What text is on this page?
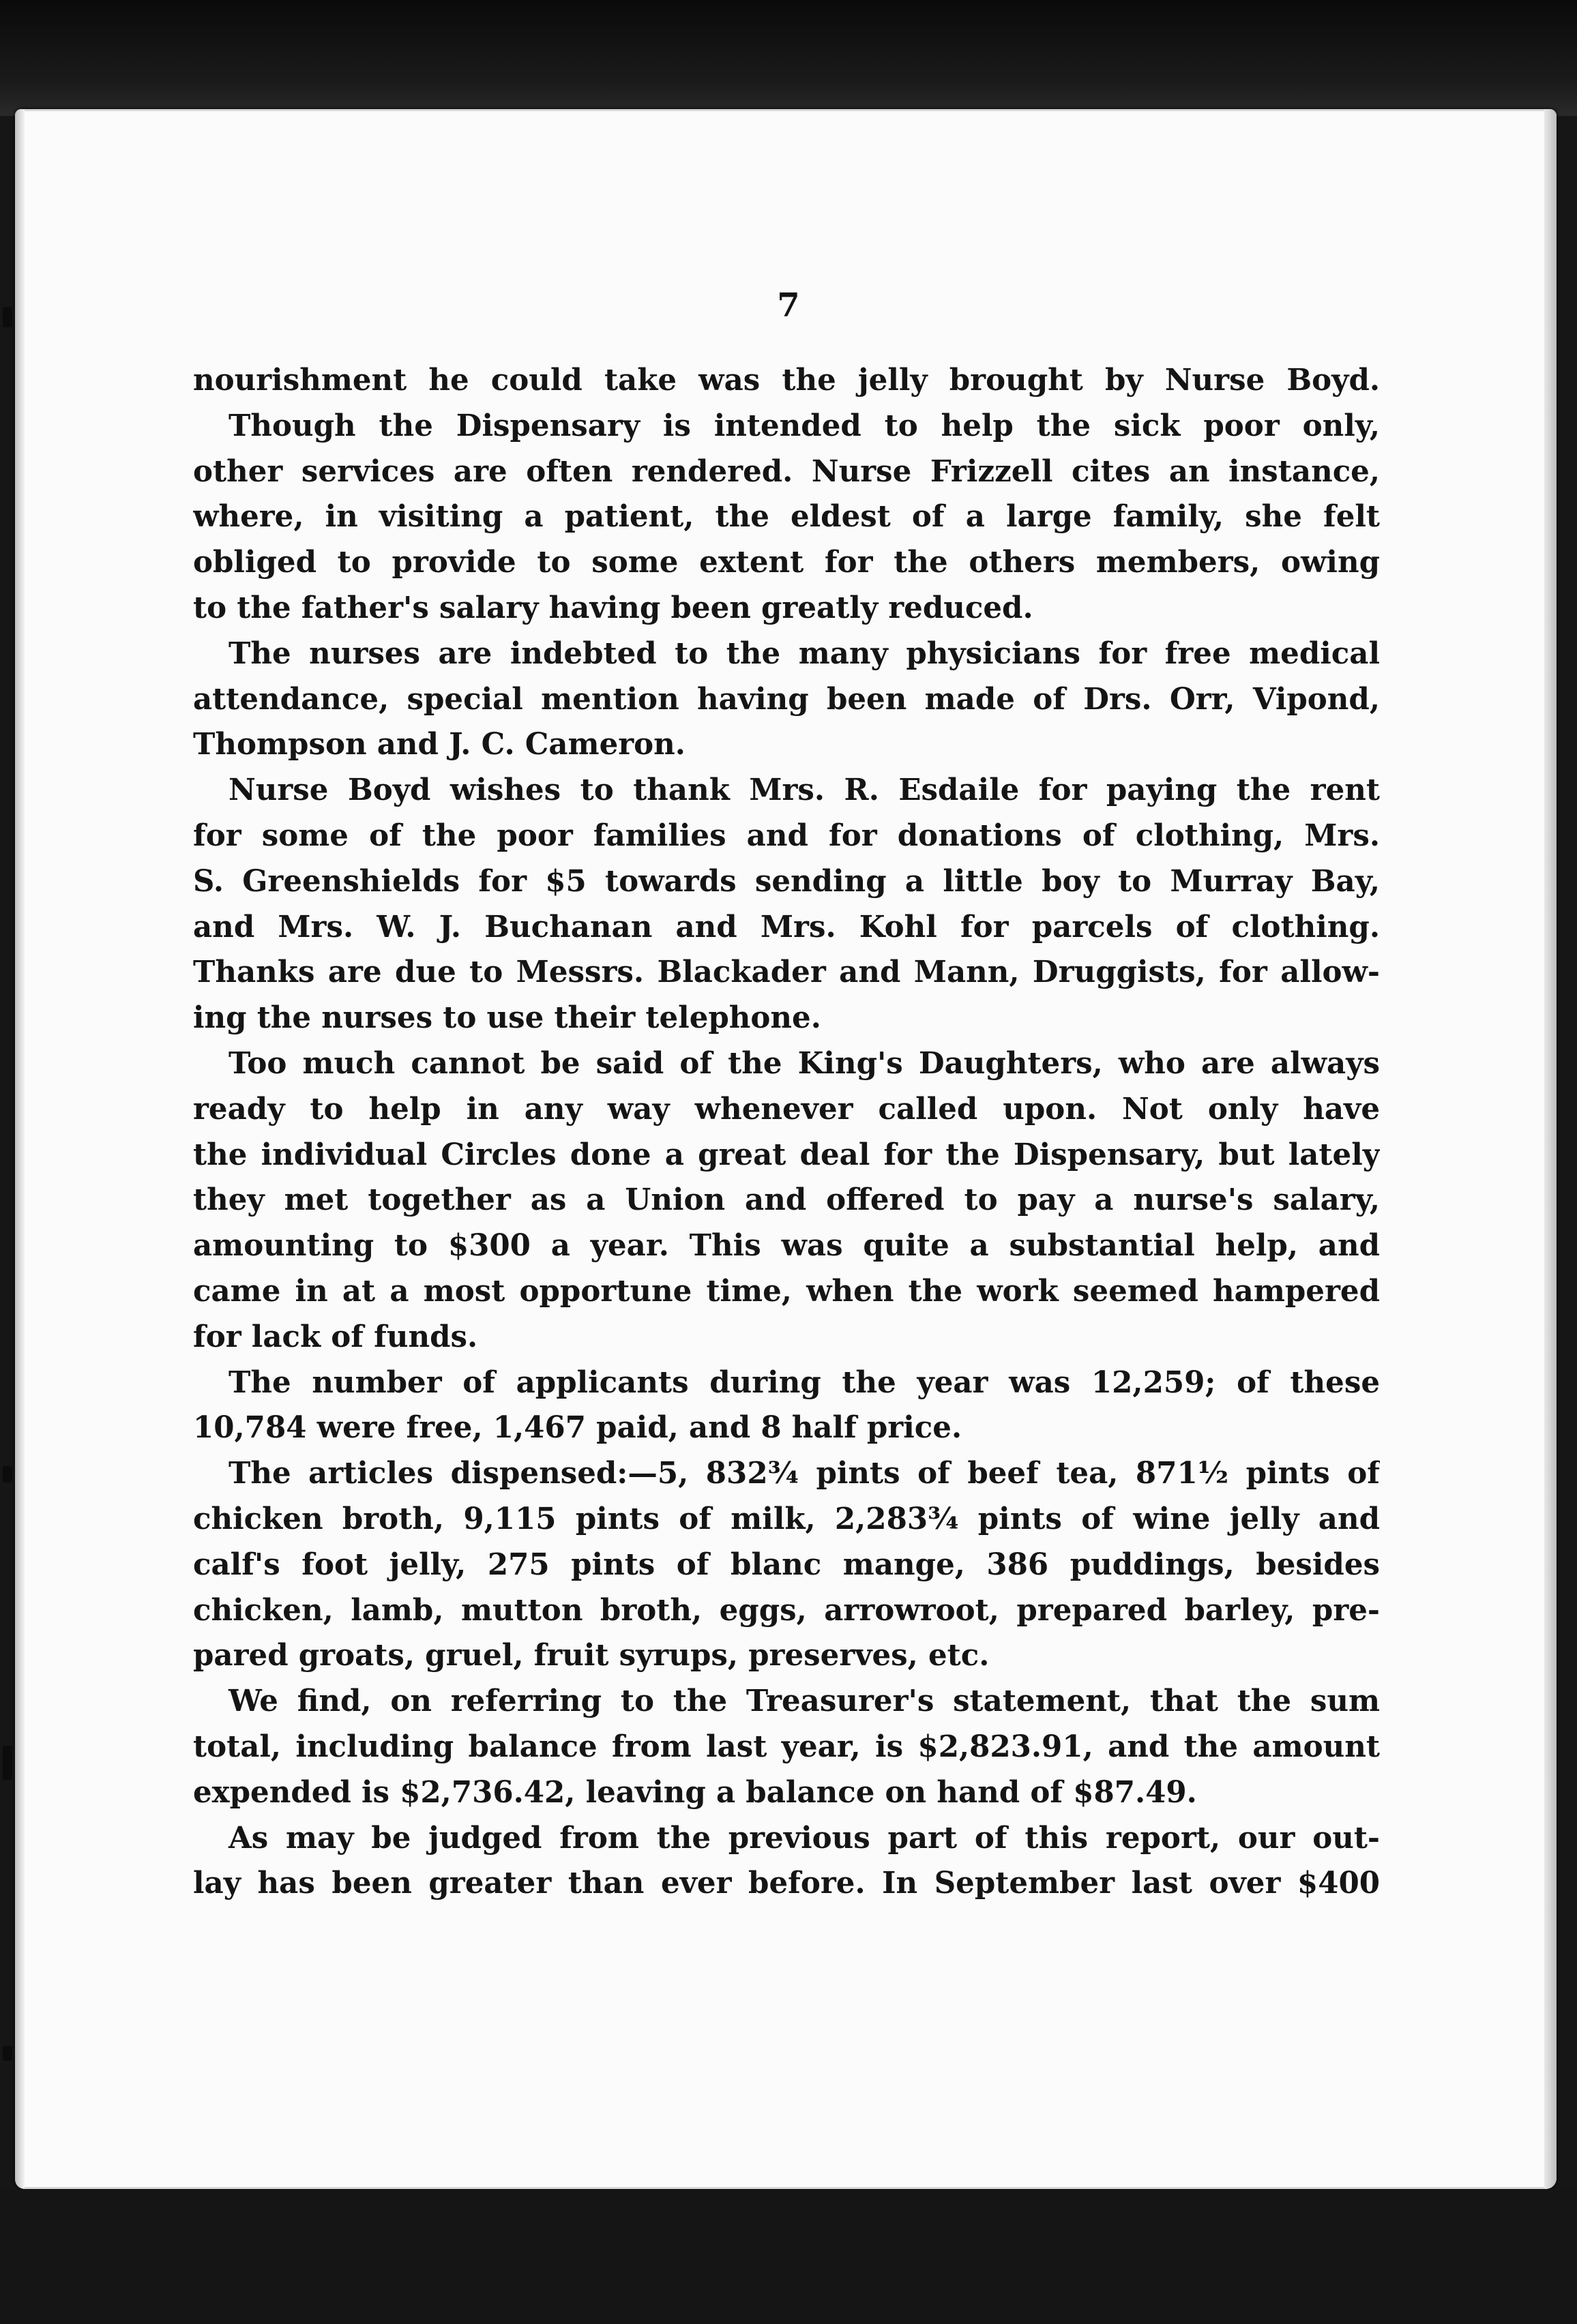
7
nourishment he could take was the jelly brought by Nurse Boyd.
Though the Dispensary is intended to help the sick poor only,
other services are often rendered. Nurse Frizzell cites an instance,
where, in visiting a patient, the eldest of a large family, she felt
obliged to provide to some extent for the others members, owing
to the father's salary having been greatly reduced.
The nurses are indebted to the many physicians for free medical
attendance, special mention having been made of Drs. Orr, Vipond,
Thompson and J. C. Cameron.
Nurse Boyd wishes to thank Mrs. R. Esdaile for paying the rent
for some of the poor families and for donations of clothing, Mrs.
S. Greenshields for $5 towards sending a little boy to Murray Bay,
and Mrs. W. J. Buchanan and Mrs. Kohl for parcels of clothing.
Thanks are due to Messrs. Blackader and Mann, Druggists, for allow-
ing the nurses to use their telephone.
Too much cannot be said of the King's Daughters, who are always
ready to help in any way whenever called upon. Not only have
the individual Circles done a great deal for the Dispensary, but lately
they met together as a Union and offered to pay a nurse's salary,
amounting to $300 a year. This was quite a substantial help, and
came in at a most opportune time, when the work seemed hampered
for lack of funds.
The number of applicants during the year was 12,259; of these
10,784 were free, 1,467 paid, and 8 half price.
The articles dispensed:—5, 832¾ pints of beef tea, 871½ pints of
chicken broth, 9,115 pints of milk, 2,283¾ pints of wine jelly and
calf's foot jelly, 275 pints of blanc mange, 386 puddings, besides
chicken, lamb, mutton broth, eggs, arrowroot, prepared barley, pre-
pared groats, gruel, fruit syrups, preserves, etc.
We find, on referring to the Treasurer's statement, that the sum
total, including balance from last year, is $2,823.91, and the amount
expended is $2,736.42, leaving a balance on hand of $87.49.
As may be judged from the previous part of this report, our out-
lay has been greater than ever before. In September last over $400
